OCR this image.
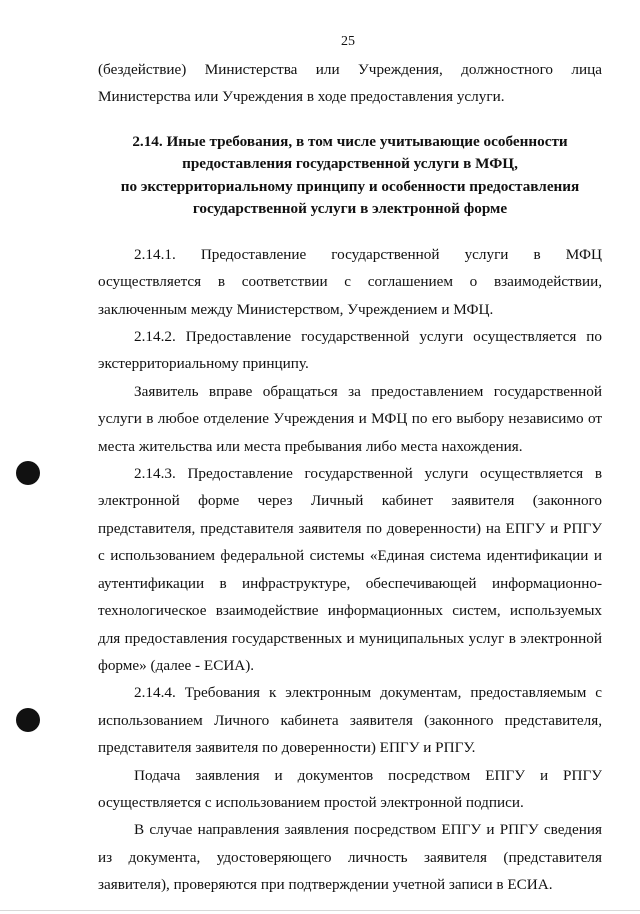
25

(бездействие) Министерства или Учреждения, должностного лица Министерства или Учреждения в ходе предоставления услуги.

2.14. Иные требования, в том числе учитывающие особенности
предоставления государственной услуги в МФЦ,
по экстерриториальному принципу и особенности предоставления
государственной услуги в электронной форме

2.14.1. Предоставление государственной услуги в МФЦ осуществляется в соответствии с соглашением о взаимодействии, заключенным между Министерством, Учреждением и МФЦ.

2.14.2. Предоставление государственной услуги осуществляется по экстерриториальному принципу.

Заявитель вправе обращаться за предоставлением государственной услуги в любое отделение Учреждения и МФЦ по его выбору независимо от места жительства или места пребывания либо места нахождения.

2.14.3. Предоставление государственной услуги осуществляется в электронной форме через Личный кабинет заявителя (законного представителя, представителя заявителя по доверенности) на ЕПГУ и РПГУ с использованием федеральной системы «Единая система идентификации и аутентификации в инфраструктуре, обеспечивающей информационно-технологическое взаимодействие информационных систем, используемых для предоставления государственных и муниципальных услуг в электронной форме» (далее - ЕСИА).

2.14.4. Требования к электронным документам, предоставляемым с использованием Личного кабинета заявителя (законного представителя, представителя заявителя по доверенности) ЕПГУ и РПГУ.

Подача заявления и документов посредством ЕПГУ и РПГУ осуществляется с использованием простой электронной подписи.

В случае направления заявления посредством ЕПГУ и РПГУ сведения из документа, удостоверяющего личность заявителя (представителя заявителя), проверяются при подтверждении учетной записи в ЕСИА.
